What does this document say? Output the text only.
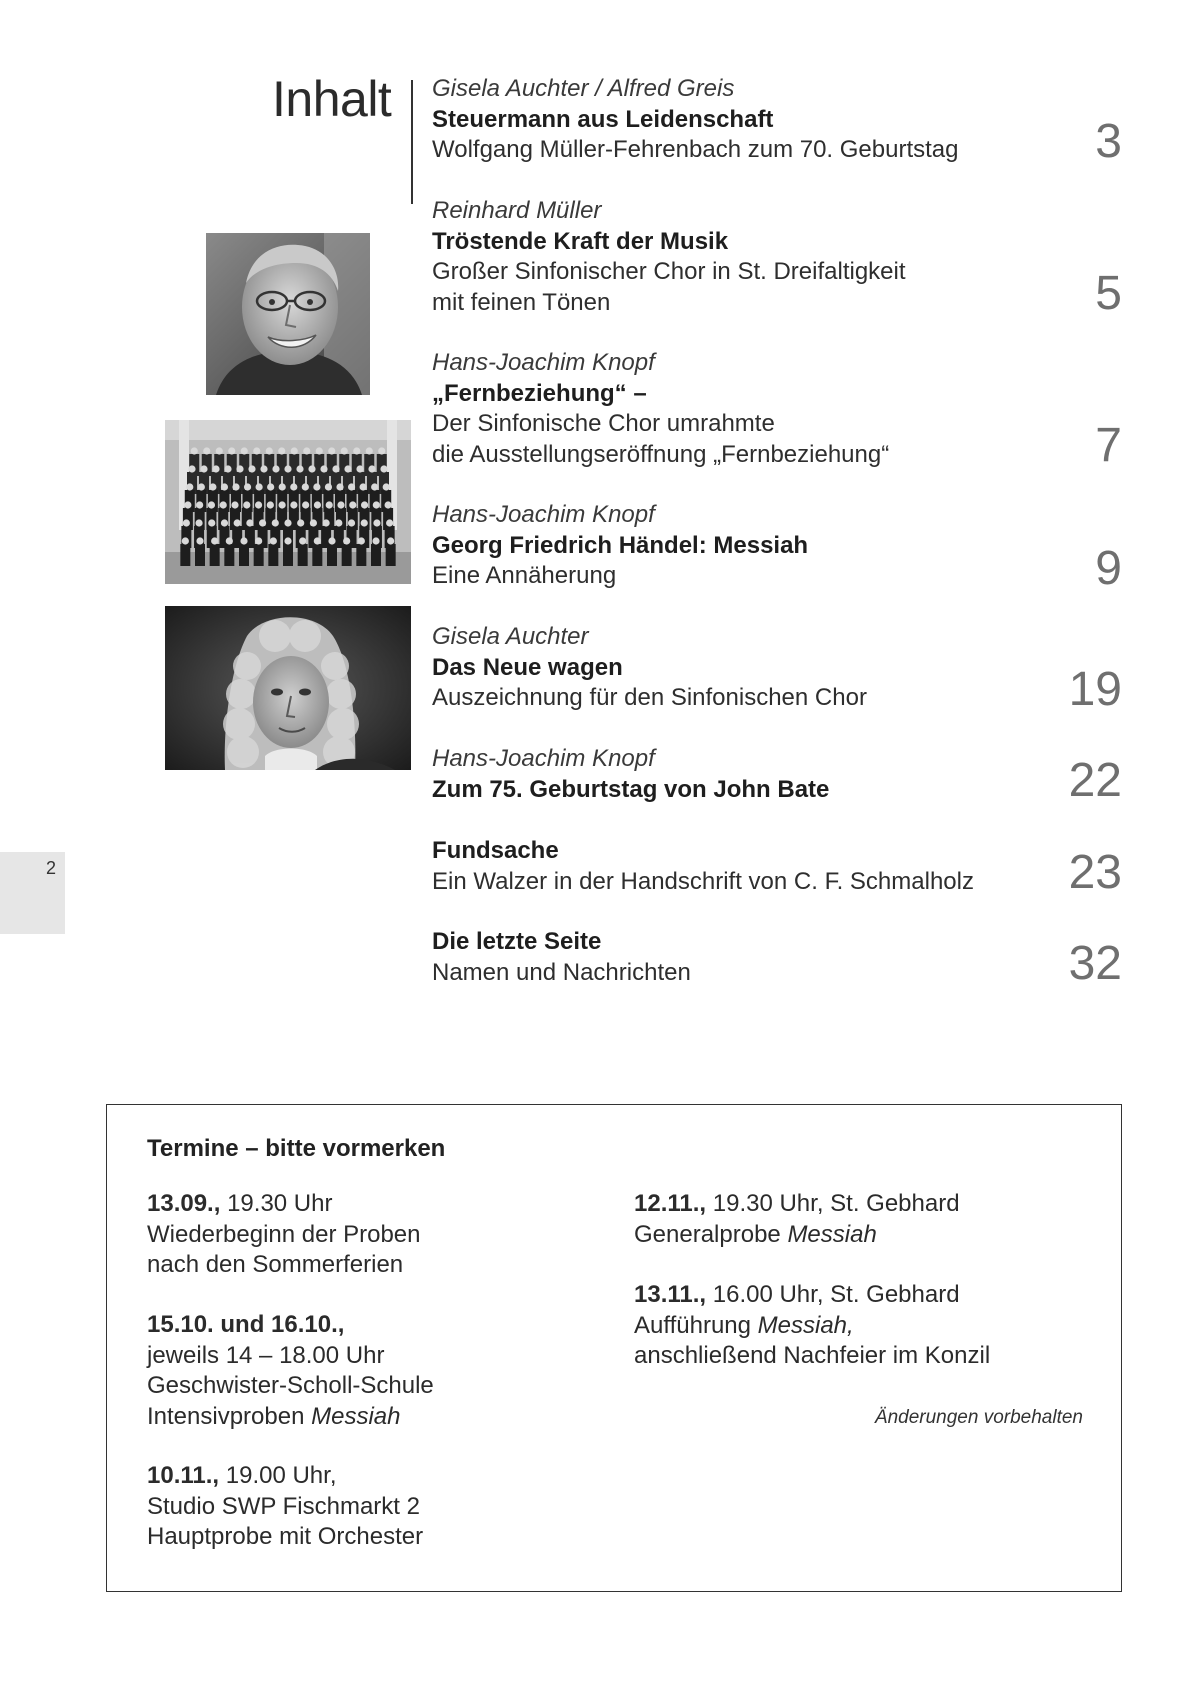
2
Inhalt Gisela Auchter / Alfred Greis
Steuermann aus Leidenschaft
Wolfgang Müller-Fehrenbach zum 70. Geburtstag	3
Reinhard Müller
Tröstende Kraft der Musik
Großer Sinfonischer Chor in St. Dreifaltigkeit
mit feinen Tönen	5
Hans-Joachim Knopf
„Fernbeziehung“ –
Der Sinfonische Chor umrahmte
die Ausstellungseröffnung „Fernbeziehung“	7
Hans-Joachim Knopf
Georg Friedrich Händel: Messiah
Eine Annäherung	9
Gisela Auchter
Das Neue wagen
Auszeichnung für den Sinfonischen Chor	19
Hans-Joachim Knopf
Zum 75. Geburtstag von John Bate	22
Fundsache
Ein Walzer in der Handschrift von C. F. Schmalholz	23
Die letzte Seite
Namen und Nachrichten	32
Termine – bitte vormerken
13.09., 19.30 Uhr
Wiederbeginn der Proben
nach den Sommerferien
15.10. und 16.10.,
jeweils 14 – 18.00 Uhr
Geschwister-Scholl-Schule
Intensivproben Messiah
10.11., 19.00 Uhr,
Studio SWP Fischmarkt 2
Hauptprobe mit Orchester
12.11., 19.30 Uhr, St. Gebhard
Generalprobe Messiah
13.11., 16.00 Uhr, St. Gebhard
Aufführung Messiah,
anschließend Nachfeier im Konzil
Änderungen vorbehalten
